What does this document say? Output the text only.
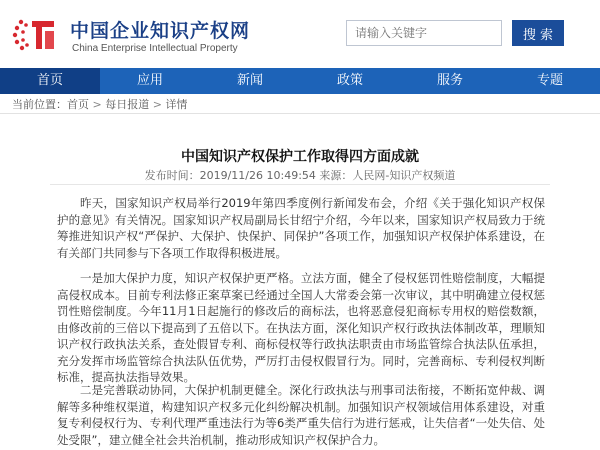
中国企业知识产权网
China Enterprise Intellectual Property
请输入关键字
搜 索
首页	应用	新闻	政策	服务	专题
当前位置：首页 > 每日报道 > 详情
中国知识产权保护工作取得四方面成就
发布时间：2019/11/26 10:49:54 来源：人民网-知识产权频道

昨天，国家知识产权局举行2019年第四季度例行新闻发布会，介绍《关于强化知识产权保护的意见》有关情况。国家知识产权局副局长甘绍宁介绍，今年以来，国家知识产权局致力于统筹推进知识产权“严保护、大保护、快保护、同保护”各项工作，加强知识产权保护体系建设，在有关部门共同参与下各项工作取得积极进展。

一是加大保护力度，知识产权保护更严格。立法方面，健全了侵权惩罚性赔偿制度，大幅提高侵权成本。目前专利法修正案草案已经通过全国人大常委会第一次审议，其中明确建立侵权惩罚性赔偿制度。今年11月1日起施行的修改后的商标法，也将恶意侵犯商标专用权的赔偿数额，由修改前的三倍以下提高到了五倍以下。在执法方面，深化知识产权行政执法体制改革，理顺知识产权行政执法关系，查处假冒专利、商标侵权等行政执法职责由市场监管综合执法队伍承担，充分发挥市场监管综合执法队伍优势，严厉打击侵权假冒行为。同时，完善商标、专利侵权判断标准，提高执法指导效果。

二是完善联动协同，大保护机制更健全。深化行政执法与刑事司法衔接，不断拓宽仲裁、调解等多种维权渠道，构建知识产权多元化纠纷解决机制。加强知识产权领域信用体系建设，对重复专利侵权行为、专利代理严重违法行为等6类严重失信行为进行惩戒，让失信者“一处失信、处处受限”，建立健全社会共治机制，推动形成知识产权保护合力。
